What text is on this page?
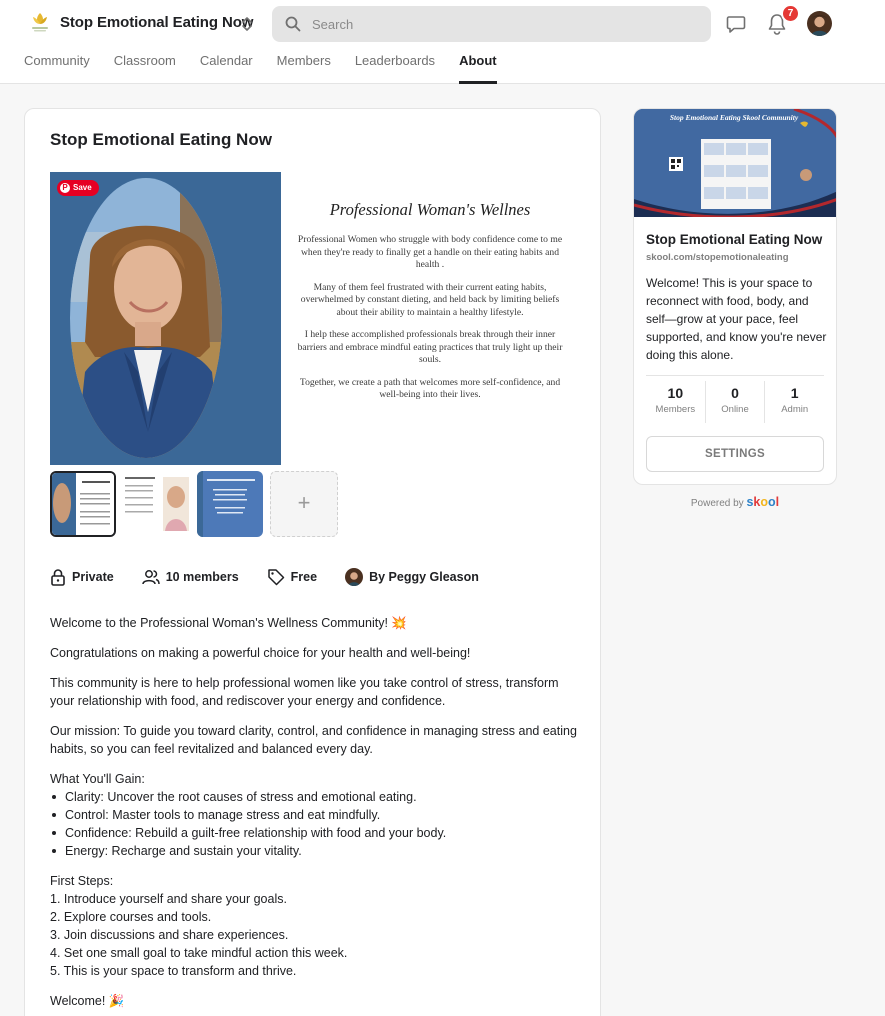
Stop Emotional Eating Now
Search
7
Community Classroom Calendar Members Leaderboards About
Stop Emotional Eating Now
P Save
Professional Woman's Wellnes

Professional Women who struggle with body confidence come to me when they're ready to finally get a handle on their eating habits and health .

Many of them feel frustrated with their current eating habits, overwhelmed by constant dieting, and held back by limiting beliefs about their ability to maintain a healthy lifestyle.

I help these accomplished professionals break through their inner barriers and embrace mindful eating practices that truly light up their souls.

Together, we create a path that welcomes more self-confidence, and well-being into their lives.

+
Private	10 members	Free	By Peggy Gleason

Welcome to the Professional Woman's Wellness Community! 💥

Congratulations on making a powerful choice for your health and well-being!

This community is here to help professional women like you take control of stress, transform your relationship with food, and rediscover your energy and confidence.

Our mission: To guide you toward clarity, control, and confidence in managing stress and eating habits, so you can feel revitalized and balanced every day.

What You'll Gain:
Clarity: Uncover the root causes of stress and emotional eating.
Control: Master tools to manage stress and eat mindfully.
Confidence: Rebuild a guilt-free relationship with food and your body.
Energy: Recharge and sustain your vitality.
First Steps:
1. Introduce yourself and share your goals.
2. Explore courses and tools.
3. Join discussions and share experiences.
4. Set one small goal to take mindful action this week.
5. This is your space to transform and thrive.

Welcome! 🎉

Stop Emotional Eating Skool Community
Stop Emotional Eating Now
skool.com/stopemotionaleating
Welcome! This is your space to reconnect with food, body, and self—grow at your pace, feel supported, and know you're never doing this alone.
10
Members
0
Online
1
Admin
SETTINGS
Powered by skool
